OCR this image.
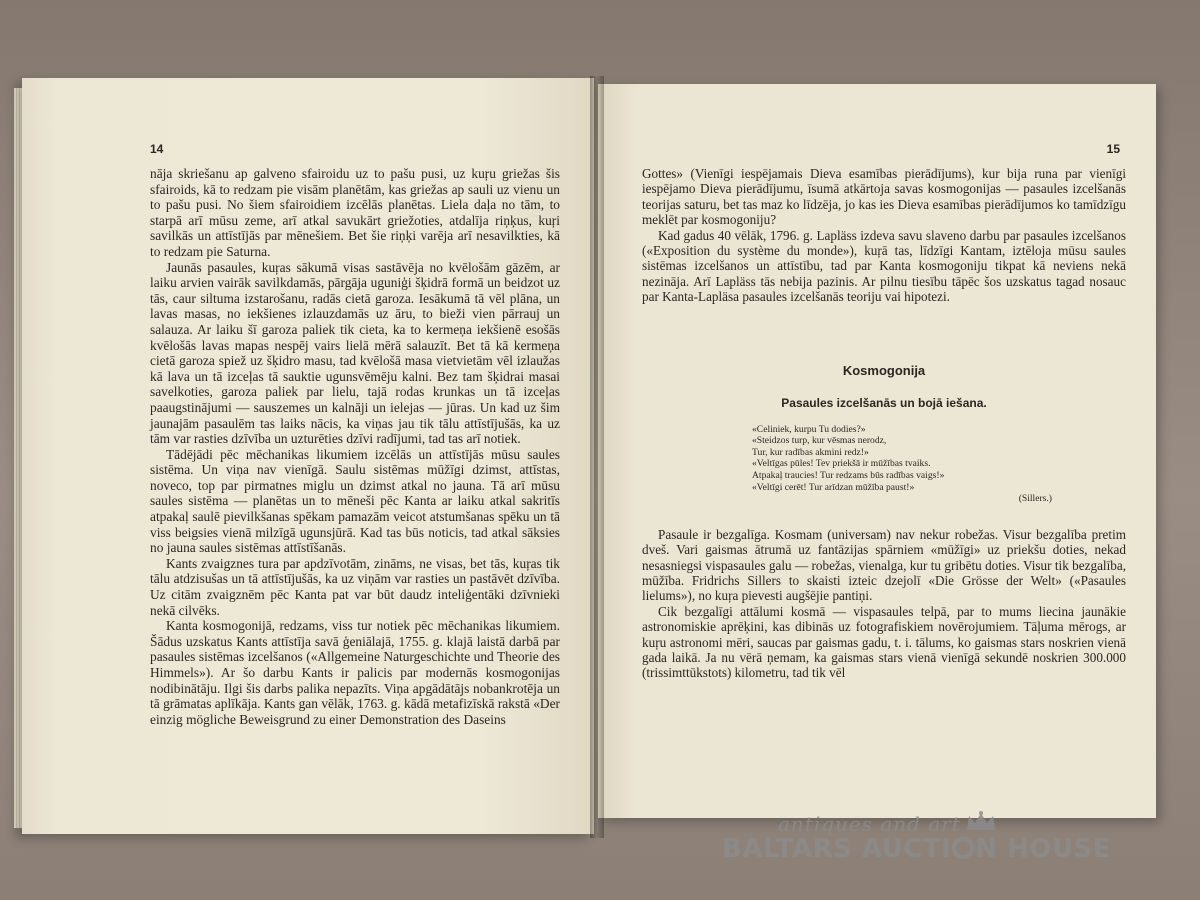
14

nāja skriešanu ap galveno sfairoidu uz to pašu pusi, uz kuŗu griežas šis sfairoids, kā to redzam pie visām planētām, kas griežas ap sauli uz vienu un to pašu pusi. No šiem sfairoidiem izcēlās planētas. Liela daļa no tām, to starpā arī mūsu zeme, arī atkal savukārt griežoties, atdalīja riņķus, kuŗi savilkās un attīstījās par mēnešiem. Bet šie riņķi varēja arī nesavilkties, kā to redzam pie Saturna.

Jaunās pasaules, kuŗas sākumā visas sastāvēja no kvēlošām gāzēm, ar laiku arvien vairāk savilkdamās, pārgāja uguniģi šķidrā formā un beidzot uz tās, caur siltuma izstarošanu, radās cietā garoza. Iesākumā tā vēl plāna, un lavas masas, no iekšienes izlauzdamās uz āru, to bieži vien pārrauj un salauza. Ar laiku šī garoza paliek tik cieta, ka to kermeņa iekšienē esošās kvēlošās lavas mapas nespēj vairs lielā mērā salauzīt. Bet tā kā kermeņa cietā garoza spiež uz šķidro masu, tad kvēlošā masa vietvietām vēl izlaužas kā lava un tā izceļas tā sauktie ugunsvēmēju kalni. Bez tam šķidrai masai savelkoties, garoza paliek par lielu, tajā rodas krunkas un tā izceļas paaugstinājumi — sauszemes un kalnāji un ielejas — jūras. Un kad uz šim jaunajām pasaulēm tas laiks nācis, ka viņas jau tik tālu attīstījušās, ka uz tām var rasties dzīvība un uzturēties dzīvi radījumi, tad tas arī notiek.

Tādējādi pēc mēchanikas likumiem izcēlās un attīstījās mūsu saules sistēma. Un viņa nav vienīgā. Saulu sistēmas mūžīgi dzimst, attīstas, noveco, top par pirmatnes miglu un dzimst atkal no jauna. Tā arī mūsu saules sistēma — planētas un to mēneši pēc Kanta ar laiku atkal sakritīs atpakaļ saulē pievilkšanas spēkam pamazām veicot atstumšanas spēku un tā viss beigsies vienā milzīgā ugunsjūrā. Kad tas būs noticis, tad atkal sāksies no jauna saules sistēmas attīstīšanās.

Kants zvaigznes tura par apdzīvotām, zināms, ne visas, bet tās, kuŗas tik tālu atdzisušas un tā attīstījušās, ka uz viņām var rasties un pastāvēt dzīvība. Uz citām zvaigznēm pēc Kanta pat var būt daudz inteliģentāki dzīvnieki nekā cilvēks.

Kanta kosmogonijā, redzams, viss tur notiek pēc mēchanikas likumiem. Šādus uzskatus Kants attīstīja savā ģeniālajā, 1755. g. klajā laistā darbā par pasaules sistēmas izcelšanos («Allgemeine Naturgeschichte und Theorie des Himmels»). Ar šo darbu Kants ir palicis par modernās kosmogonijas nodibinātāju. Ilgi šis darbs palika nepazīts. Viņa apgādātājs nobankrotēja un tā grāmatas aplīkāja. Kants gan vēlāk, 1763. g. kādā metafizīskā rakstā «Der einzig mögliche Beweisgrund zu einer Demonstration des Daseins

15

Gottes» (Vienīgi iespējamais Dieva esamības pierādījums), kur bija runa par vienīgi iespējamo Dieva pierādījumu, īsumā atkārtoja savas kosmogonijas — pasaules izcelšanās teorijas saturu, bet tas maz ko līdzēja, jo kas ies Dieva esamības pierādījumos ko tamīdzīgu meklēt par kosmogoniju?

Kad gadus 40 vēlāk, 1796. g. Lapläss izdeva savu slaveno darbu par pasaules izcelšanos («Exposition du système du monde»), kuŗā tas, līdzīgi Kantam, iztēloja mūsu saules sistēmas izcelšanos un attīstību, tad par Kanta kosmogoniju tikpat kā neviens nekā nezināja. Arī Lapläss tās nebija pazinis. Ar pilnu tiesību tāpēc šos uzskatus tagad nosauc par Kanta-Lapläsa pasaules izcelšanās teoriju vai hipotezi.

Kosmogonija
Pasaules izcelšanās un bojā iešana.
«Celiniek, kurpu Tu dodies?»
«Steidzos turp, kur vēsmas nerodz,
Tur, kur radības akmini redz!»
«Veltīgas pūles! Tev priekšā ir mūžības tvaiks.
Atpakaļ traucies! Tur redzams būs radības vaigs!»
«Veltīgi cerēt! Tur arīdzan mūžība paust!»
(Sillers.)

Pasaule ir bezgalīga. Kosmam (universam) nav nekur robežas. Visur bezgalība pretim dveš. Vari gaismas ātrumā uz fantāzijas spārniem «mūžīgi» uz priekšu doties, nekad nesasniegsi vispasaules galu — robežas, vienalga, kur tu gribētu doties. Visur tik bezgalība, mūžība. Fridrichs Sillers to skaisti izteic dzejolī «Die Grösse der Welt» («Pasaules lielums»), no kuŗa pievesti augšējie pantiņi.

Cik bezgalīgi attālumi kosmā — vispasaules telpā, par to mums liecina jaunākie astronomiskie aprēķini, kas dibinās uz fotografiskiem novērojumiem. Tāļuma mērogs, ar kuŗu astronomi mēri, saucas par gaismas gadu, t. i. tālums, ko gaismas stars noskrien vienā gada laikā. Ja nu vērā ņemam, ka gaismas stars vienā vienīgā sekundē noskrien 300.000 (trissimttūkstots) kilometru, tad tik vēl

antiques and art
BALTARS AUCTI N HOUSE
